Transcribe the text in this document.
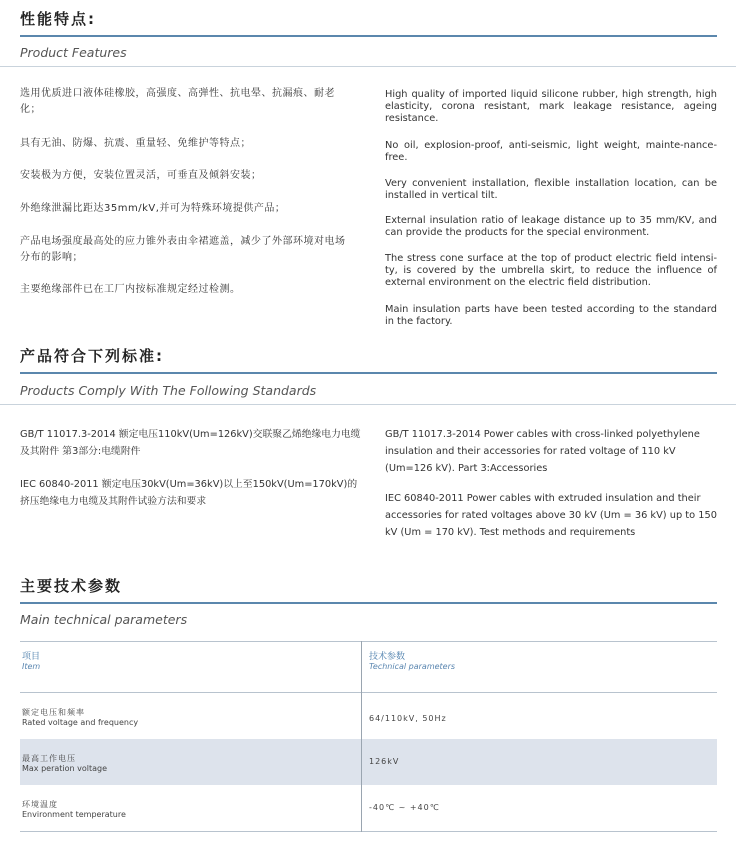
性能特点:
Product Features
选用优质进口液体硅橡胶，高强度、高弹性、抗电晕、抗漏痕、耐老化；
具有无油、防爆、抗震、重量轻、免维护等特点；
安装极为方便，安装位置灵活，可垂直及倾斜安装；
外绝缘泄漏比距达35mm/kV,并可为特殊环境提供产品；
产品电场强度最高处的应力锥外表由伞裙遮盖，减少了外部环境对电场分布的影响；
主要绝缘部件已在工厂内按标准规定经过检测。
High quality of imported liquid silicone rubber, high strength, high elasticity, corona resistant, mark leakage resistance, ageing resistance.
No oil, explosion-proof, anti-seismic, light weight, mainte-nance-free.
Very convenient installation, flexible installation location, can be installed in vertical tilt.
External insulation ratio of leakage distance up to 35 mm/KV, and can provide the products for the special environment.
The stress cone surface at the top of product electric field intensi-ty, is covered by the umbrella skirt, to reduce the influence of external environment on the electric field distribution.
Main insulation parts have been tested according to the standard in the factory.
产品符合下列标准:
Products Comply With The Following Standards
GB/T 11017.3-2014 额定电压110kV(Um=126kV)交联聚乙烯绝缘电力电缆及其附件 第3部分:电缆附件
IEC 60840-2011 额定电压30kV(Um=36kV)以上至150kV(Um=170kV)的挤压绝缘电力电缆及其附件试验方法和要求
GB/T 11017.3-2014 Power cables with cross-linked polyethylene insulation and their accessories for rated voltage of 110 kV (Um=126 kV). Part 3:Accessories
IEC 60840-2011 Power cables with extruded insulation and their accessories for rated voltages above 30 kV (Um = 36 kV) up to 150 kV (Um = 170 kV). Test methods and requirements
主要技术参数
Main technical parameters
项目
Item
技术参数
Technical parameters
额定电压和频率
Rated voltage and frequency	64/110kV, 50Hz
最高工作电压
Max peration voltage
126kV
环境温度
Environment temperature
-40℃ ~ +40℃
